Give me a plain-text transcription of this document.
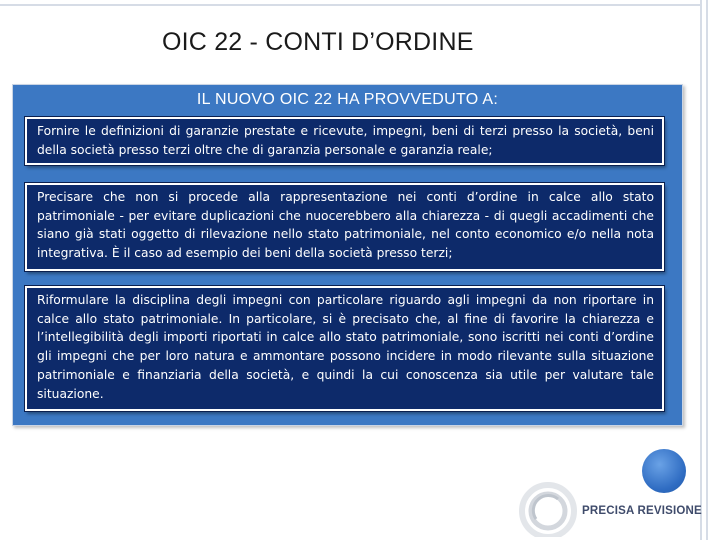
OIC 22 - CONTI D’ORDINE
IL NUOVO OIC 22 HA PROVVEDUTO A:
Fornire le definizioni di garanzie prestate e ricevute, impegni, beni di terzi presso la società, beni della società presso terzi oltre che di garanzia personale e garanzia reale;
Precisare che non si procede alla rappresentazione nei conti d’ordine in calce allo stato patrimoniale - per evitare duplicazioni che nuocerebbero alla chiarezza - di quegli accadimenti che siano già stati oggetto di rilevazione nello stato patrimoniale, nel conto economico e/o nella nota integrativa. È il caso ad esempio dei beni della società presso terzi;
Riformulare la disciplina degli impegni con particolare riguardo agli impegni da non riportare in calce allo stato patrimoniale. In particolare, si è precisato che, al fine di favorire la chiarezza e l’intellegibilità degli importi riportati in calce allo stato patrimoniale, sono iscritti nei conti d’ordine gli impegni che per loro natura e ammontare possono incidere in modo rilevante sulla situazione patrimoniale e finanziaria della società, e quindi la cui conoscenza sia utile per valutare tale situazione.
PRECISA REVISIONE
